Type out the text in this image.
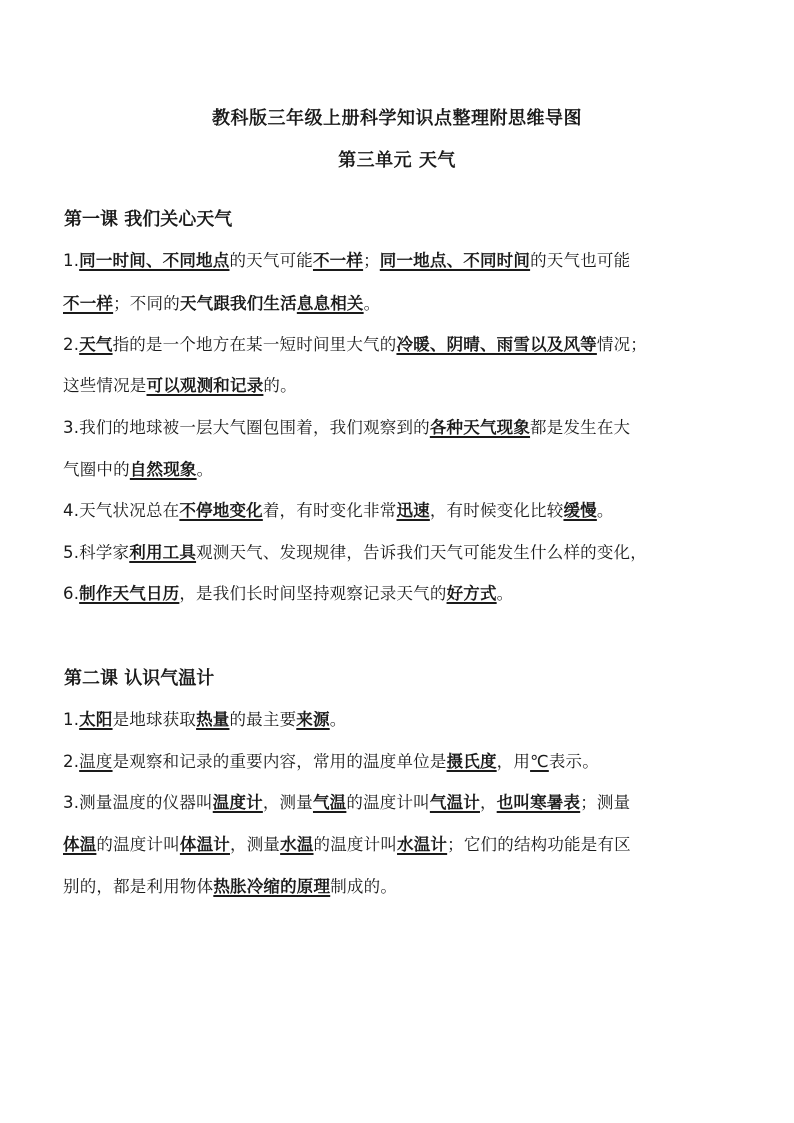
教科版三年级上册科学知识点整理附思维导图
第三单元 天气
第一课 我们关心天气
1.同一时间、不同地点的天气可能不一样；同一地点、不同时间的天气也可能
不一样；不同的天气跟我们生活息息相关。
2.天气指的是一个地方在某一短时间里大气的冷暖、阴晴、雨雪以及风等情况；
这些情况是可以观测和记录的。
3.我们的地球被一层大气圈包围着，我们观察到的各种天气现象都是发生在大
气圈中的自然现象。
4.天气状况总在不停地变化着，有时变化非常迅速，有时候变化比较缓慢。
5.科学家利用工具观测天气、发现规律，告诉我们天气可能发生什么样的变化，
6.制作天气日历，是我们长时间坚持观察记录天气的好方式。
第二课 认识气温计
1.太阳是地球获取热量的最主要来源。
2.温度是观察和记录的重要内容，常用的温度单位是摄氏度，用℃表示。
3.测量温度的仪器叫温度计，测量气温的温度计叫气温计，也叫寒暑表；测量
体温的温度计叫体温计，测量水温的温度计叫水温计；它们的结构功能是有区
别的，都是利用物体热胀冷缩的原理制成的。
